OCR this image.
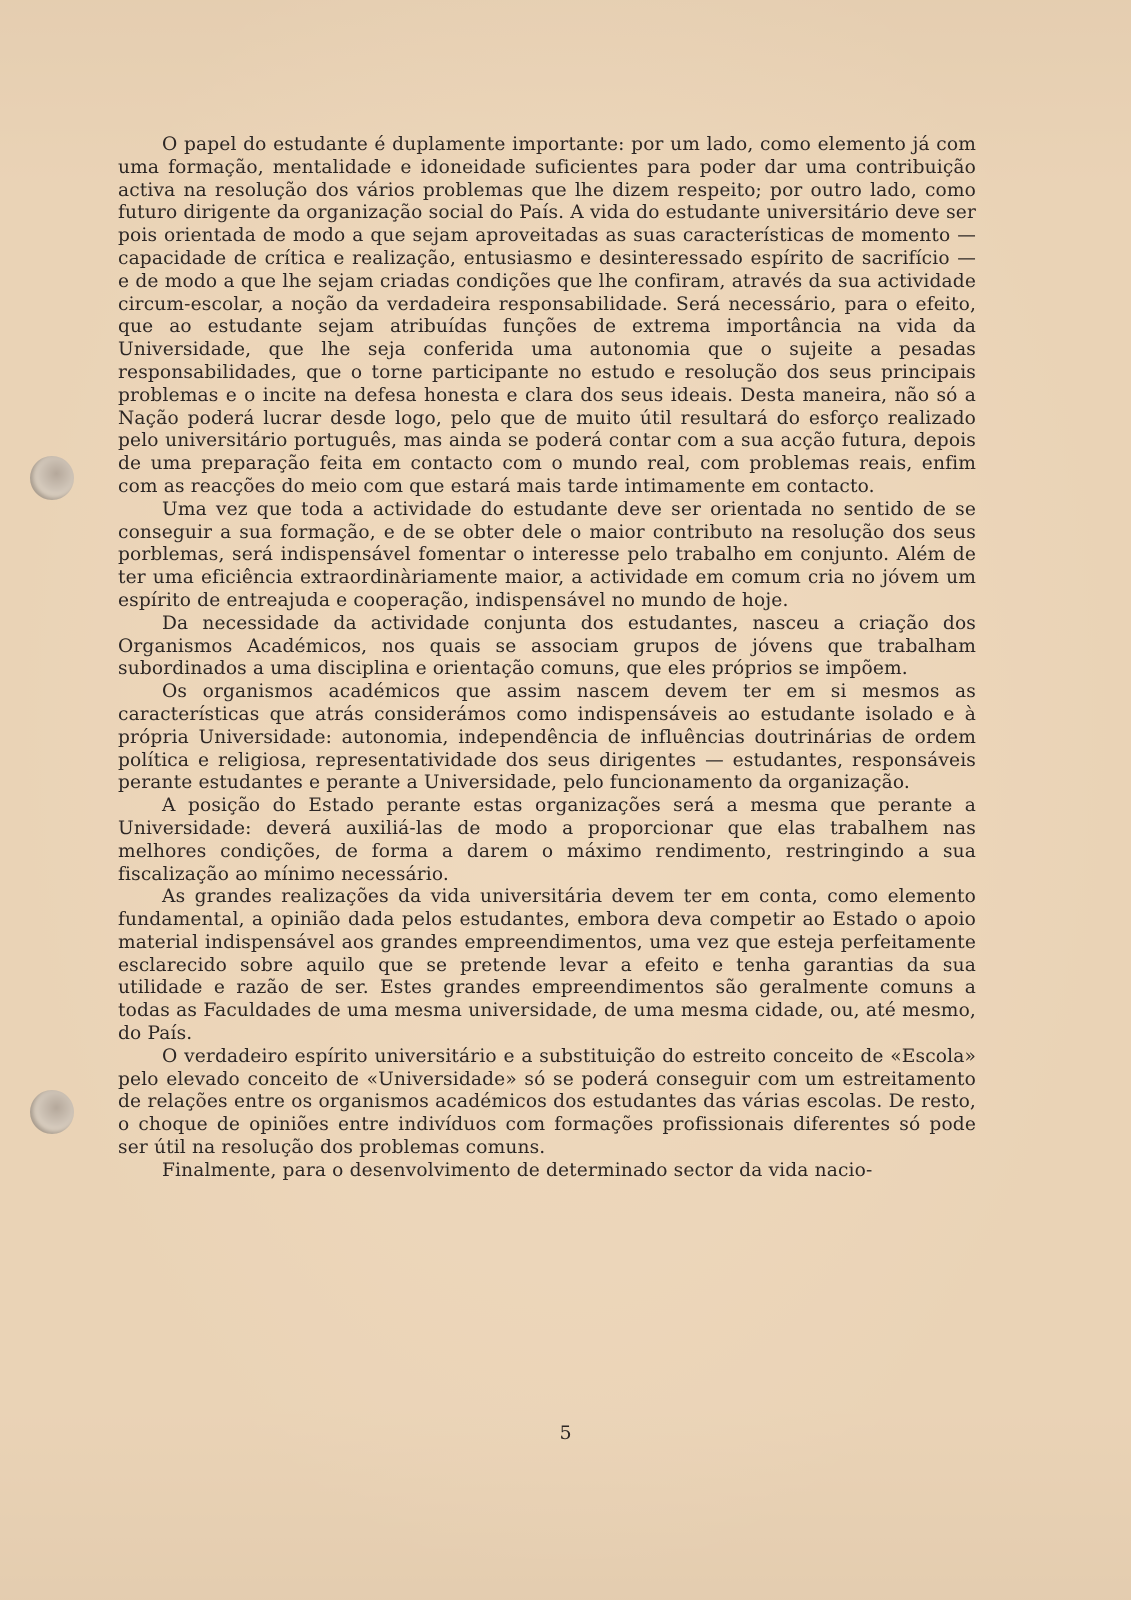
O papel do estudante é duplamente importante: por um lado, como elemento já com uma formação, mentalidade e idoneidade suficientes para poder dar uma contribuição activa na resolução dos vários problemas que lhe dizem respeito; por outro lado, como futuro dirigente da organização social do País. A vida do estudante universitário deve ser pois orientada de modo a que sejam aproveitadas as suas características de momento — capacidade de crítica e realização, entusiasmo e desinteressado espírito de sacrifício — e de modo a que lhe sejam criadas condições que lhe confiram, através da sua actividade circum-escolar, a noção da verdadeira responsabilidade. Será necessário, para o efeito, que ao estudante sejam atribuídas funções de extrema importância na vida da Universidade, que lhe seja conferida uma autonomia que o sujeite a pesadas responsabilidades, que o torne participante no estudo e resolução dos seus principais problemas e o incite na defesa honesta e clara dos seus ideais. Desta maneira, não só a Nação poderá lucrar desde logo, pelo que de muito útil resultará do esforço realizado pelo universitário português, mas ainda se poderá contar com a sua acção futura, depois de uma preparação feita em contacto com o mundo real, com problemas reais, enfim com as reacções do meio com que estará mais tarde intimamente em contacto.

Uma vez que toda a actividade do estudante deve ser orientada no sentido de se conseguir a sua formação, e de se obter dele o maior contributo na resolução dos seus porblemas, será indispensável fomentar o interesse pelo trabalho em conjunto. Além de ter uma eficiência extraordinàriamente maior, a actividade em comum cria no jóvem um espírito de entreajuda e cooperação, indispensável no mundo de hoje.

Da necessidade da actividade conjunta dos estudantes, nasceu a criação dos Organismos Académicos, nos quais se associam grupos de jóvens que trabalham subordinados a uma disciplina e orientação comuns, que eles próprios se impõem.

Os organismos académicos que assim nascem devem ter em si mesmos as características que atrás considerámos como indispensáveis ao estudante isolado e à própria Universidade: autonomia, independência de influências doutrinárias de ordem política e religiosa, representatividade dos seus dirigentes — estudantes, responsáveis perante estudantes e perante a Universidade, pelo funcionamento da organização.

A posição do Estado perante estas organizações será a mesma que perante a Universidade: deverá auxiliá-las de modo a proporcionar que elas trabalhem nas melhores condições, de forma a darem o máximo rendimento, restringindo a sua fiscalização ao mínimo necessário.

As grandes realizações da vida universitária devem ter em conta, como elemento fundamental, a opinião dada pelos estudantes, embora deva competir ao Estado o apoio material indispensável aos grandes empreendimentos, uma vez que esteja perfeitamente esclarecido sobre aquilo que se pretende levar a efeito e tenha garantias da sua utilidade e razão de ser. Estes grandes empreendimentos são geralmente comuns a todas as Faculdades de uma mesma universidade, de uma mesma cidade, ou, até mesmo, do País.

O verdadeiro espírito universitário e a substituição do estreito conceito de «Escola» pelo elevado conceito de «Universidade» só se poderá conseguir com um estreitamento de relações entre os organismos académicos dos estudantes das várias escolas. De resto, o choque de opiniões entre indivíduos com formações profissionais diferentes só pode ser útil na resolução dos problemas comuns.

Finalmente, para o desenvolvimento de determinado sector da vida nacio-

5
